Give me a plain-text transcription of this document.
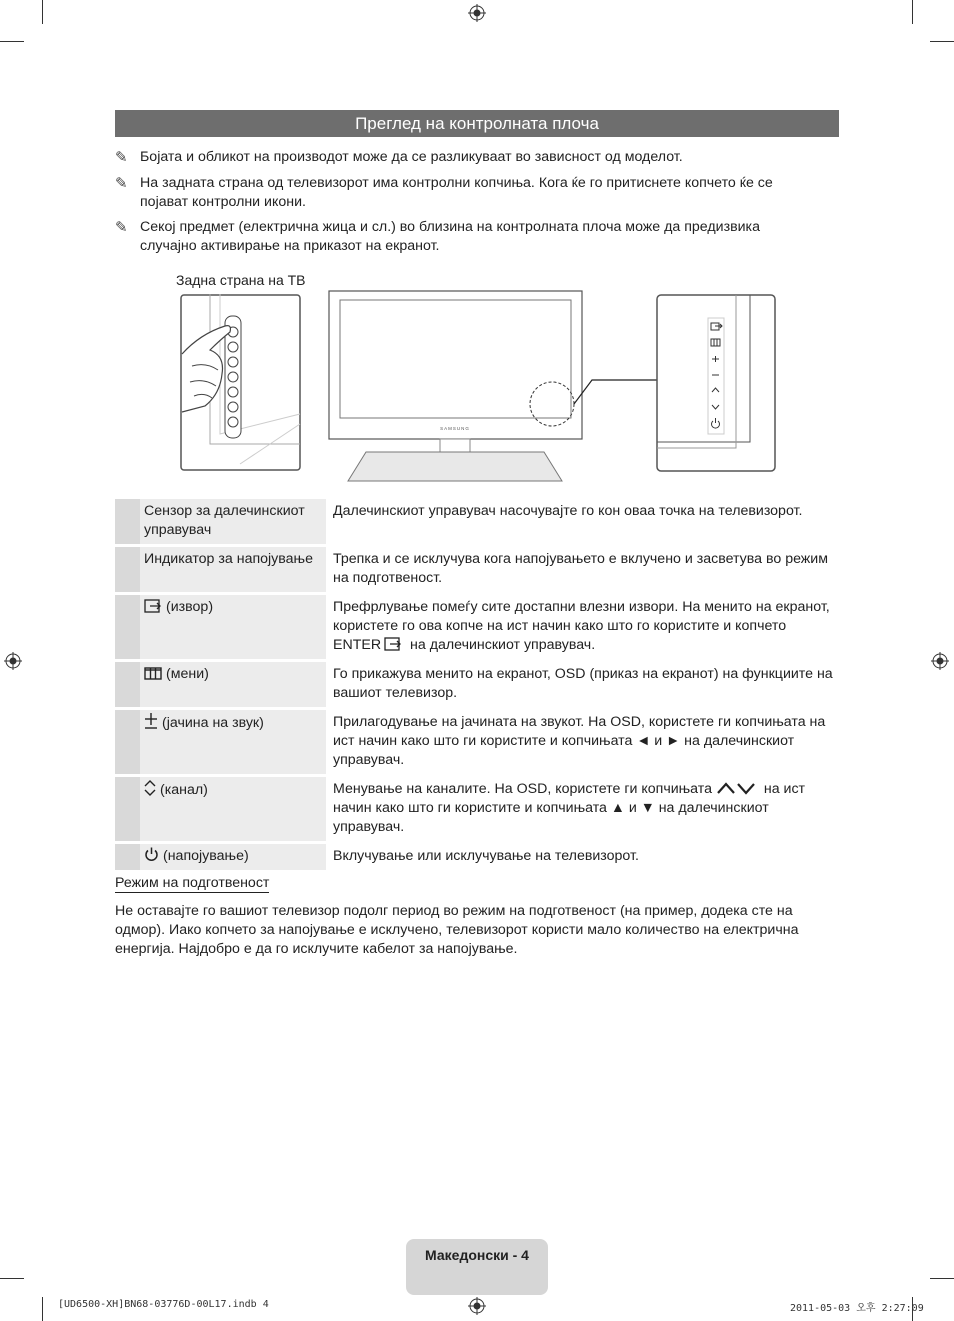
Преглед на контролната плоча
✎ Бојата и обликот на производот може да се разликуваат во зависност од моделот.
✎ На задната страна од телевизорот има контролни копчиња. Кога ќе го притиснете копчето ќе се
појават контролни икони.
✎ Секој предмет (електрична жица и сл.) во близина на контролната плоча може да предизвика
случајно активирање на приказот на екранот.
Задна страна на ТВ
SAMSUNG
	Сензор за далечинскиот управувач	Далечинскиот управувач насочувајте го кон оваа точка на телевизорот.
	Индикатор за напојување	Трепка и се исклучува кога напојувањето е вклучено и засветува во режим на подготвеност.
	(извор)	Префрлување помеѓу сите достапни влезни извори. На менито на екранот, користете го ова копче на ист начин како што го користите и копчето ENTER на далечинскиот управувач.
	(мени)	Го прикажува менито на екранот, OSD (приказ на екранот) на функциите на вашиот телевизор.
	(јачина на звук)	Прилагодување на јачината на звукот. На OSD, користете ги копчињата на ист начин како што ги користите и копчињата ◄ и ► на далечинскиот управувач.
	(канал)	Менување на каналите. На OSD, користете ги копчињата на ист начин како што ги користите и копчињата ▲ и ▼ на далечинскиот управувач.
	(напојување)	Вклучување или исклучување на телевизорот.
Режим на подготвеност
Не оставајте го вашиот телевизор подолг период во режим на подготвеност (на пример, додека сте на одмор). Иако копчето за напојување е исклучено, телевизорот користи мало количество на електрична енергија. Најдобро е да го исклучите кабелот за напојување.
Македонски - 4
[UD6500-XH]BN68-03776D-00L17.indb 4	2011-05-03 오후 2:27:09
